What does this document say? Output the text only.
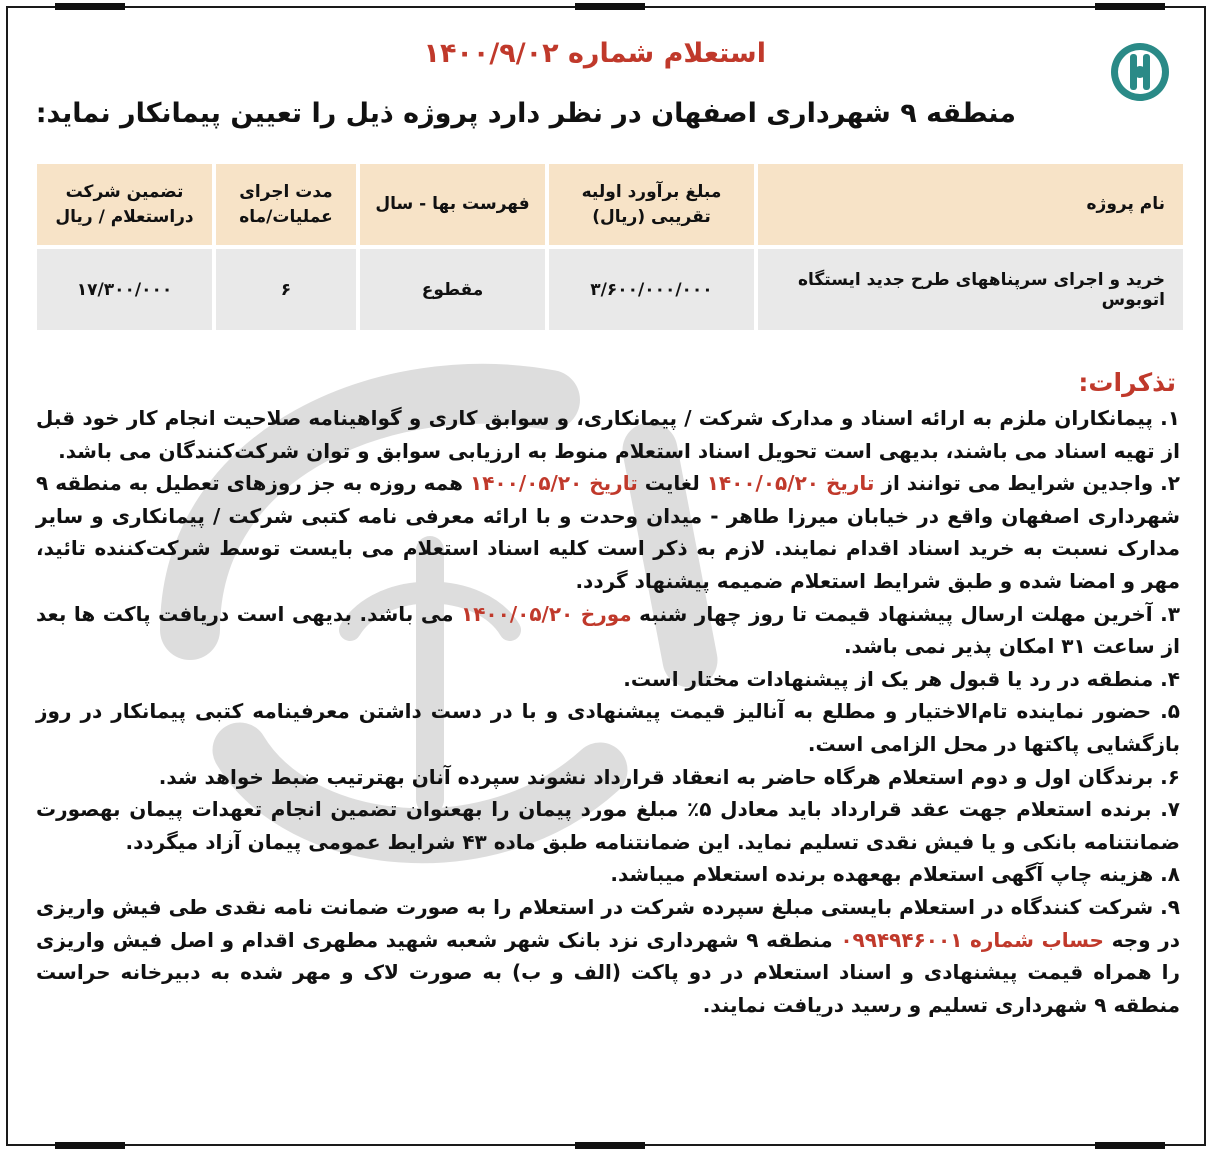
استعلام شماره ۱۴۰۰/۹/۰۲
منطقه ۹ شهرداری اصفهان در نظر دارد پروژه ذیل را تعیین پیمانکار نماید:
نام پروژه	مبلغ برآورد اولیه تقریبی (ریال)	فهرست بها - سال	مدت اجرای عملیات/ماه	تضمین شرکت دراستعلام / ریال
خرید و اجرای سرپناههای طرح جدید ایستگاه اتوبوس	۳/۶۰۰/۰۰۰/۰۰۰	مقطوع	۶	۱۷/۳۰۰/۰۰۰
تذکرات:

۱. پیمانکاران ملزم به ارائه اسناد و مدارک شرکت / پیمانکاری، و سوابق کاری و گواهینامه صلاحیت انجام کار خود قبل از تهیه اسناد می باشند، بدیهی است تحویل اسناد استعلام منوط به ارزیابی سوابق و توان شرکت‌کنندگان می باشد.

۲. واجدین شرایط می توانند از تاریخ ۱۴۰۰/۰۵/۲۰ لغایت تاریخ ۱۴۰۰/۰۵/۲۰ همه روزه به جز روزهای تعطیل به منطقه ۹ شهرداری اصفهان واقع در خیابان میرزا طاهر - میدان وحدت و با ارائه معرفی نامه کتبی شرکت / پیمانکاری و سایر مدارک نسبت به خرید اسناد اقدام نمایند. لازم به ذکر است کلیه اسناد استعلام می بایست توسط شرکت‌کننده تائید، مهر و امضا شده و طبق شرایط استعلام ضمیمه پیشنهاد گردد.

۳. آخرین مهلت ارسال پیشنهاد قیمت تا روز چهار شنبه مورخ ۱۴۰۰/۰۵/۲۰ می باشد. بدیهی است دریافت پاکت ها بعد از ساعت ۳۱ امکان پذیر نمی باشد.

۴. منطقه در رد یا قبول هر یک از پیشنهادات مختار است.

۵. حضور نماینده تام‌الاختیار و مطلع به آنالیز قیمت پیشنهادی و با در دست داشتن معرفینامه کتبی پیمانکار در روز بازگشایی پاکتها در محل الزامی است.

۶. برندگان اول و دوم استعلام هرگاه حاضر به انعقاد قرارداد نشوند سپرده آنان بهترتیب ضبط خواهد شد.

۷. برنده استعلام جهت عقد قرارداد باید معادل ۵٪ مبلغ مورد پیمان را بهعنوان تضمین انجام تعهدات پیمان بهصورت ضمانتنامه بانکی و یا فیش نقدی تسلیم نماید. این ضمانتنامه طبق ماده ۴۳ شرایط عمومی پیمان آزاد میگردد.

۸. هزینه چاپ آگهی استعلام بهعهده برنده استعلام میباشد.

۹. شرکت کنندگاه در استعلام بایستی مبلغ سپرده شرکت در استعلام را به صورت ضمانت نامه نقدی طی فیش واریزی در وجه حساب شماره ۰۹۹۴۹۴۶۰۰۱ منطقه ۹ شهرداری نزد بانک شهر شعبه شهید مطهری اقدام و اصل فیش واریزی را همراه قیمت پیشنهادی و اسناد استعلام در دو پاکت (الف و ب) به صورت لاک و مهر شده به دبیرخانه حراست منطقه ۹ شهرداری تسلیم و رسید دریافت نمایند.
